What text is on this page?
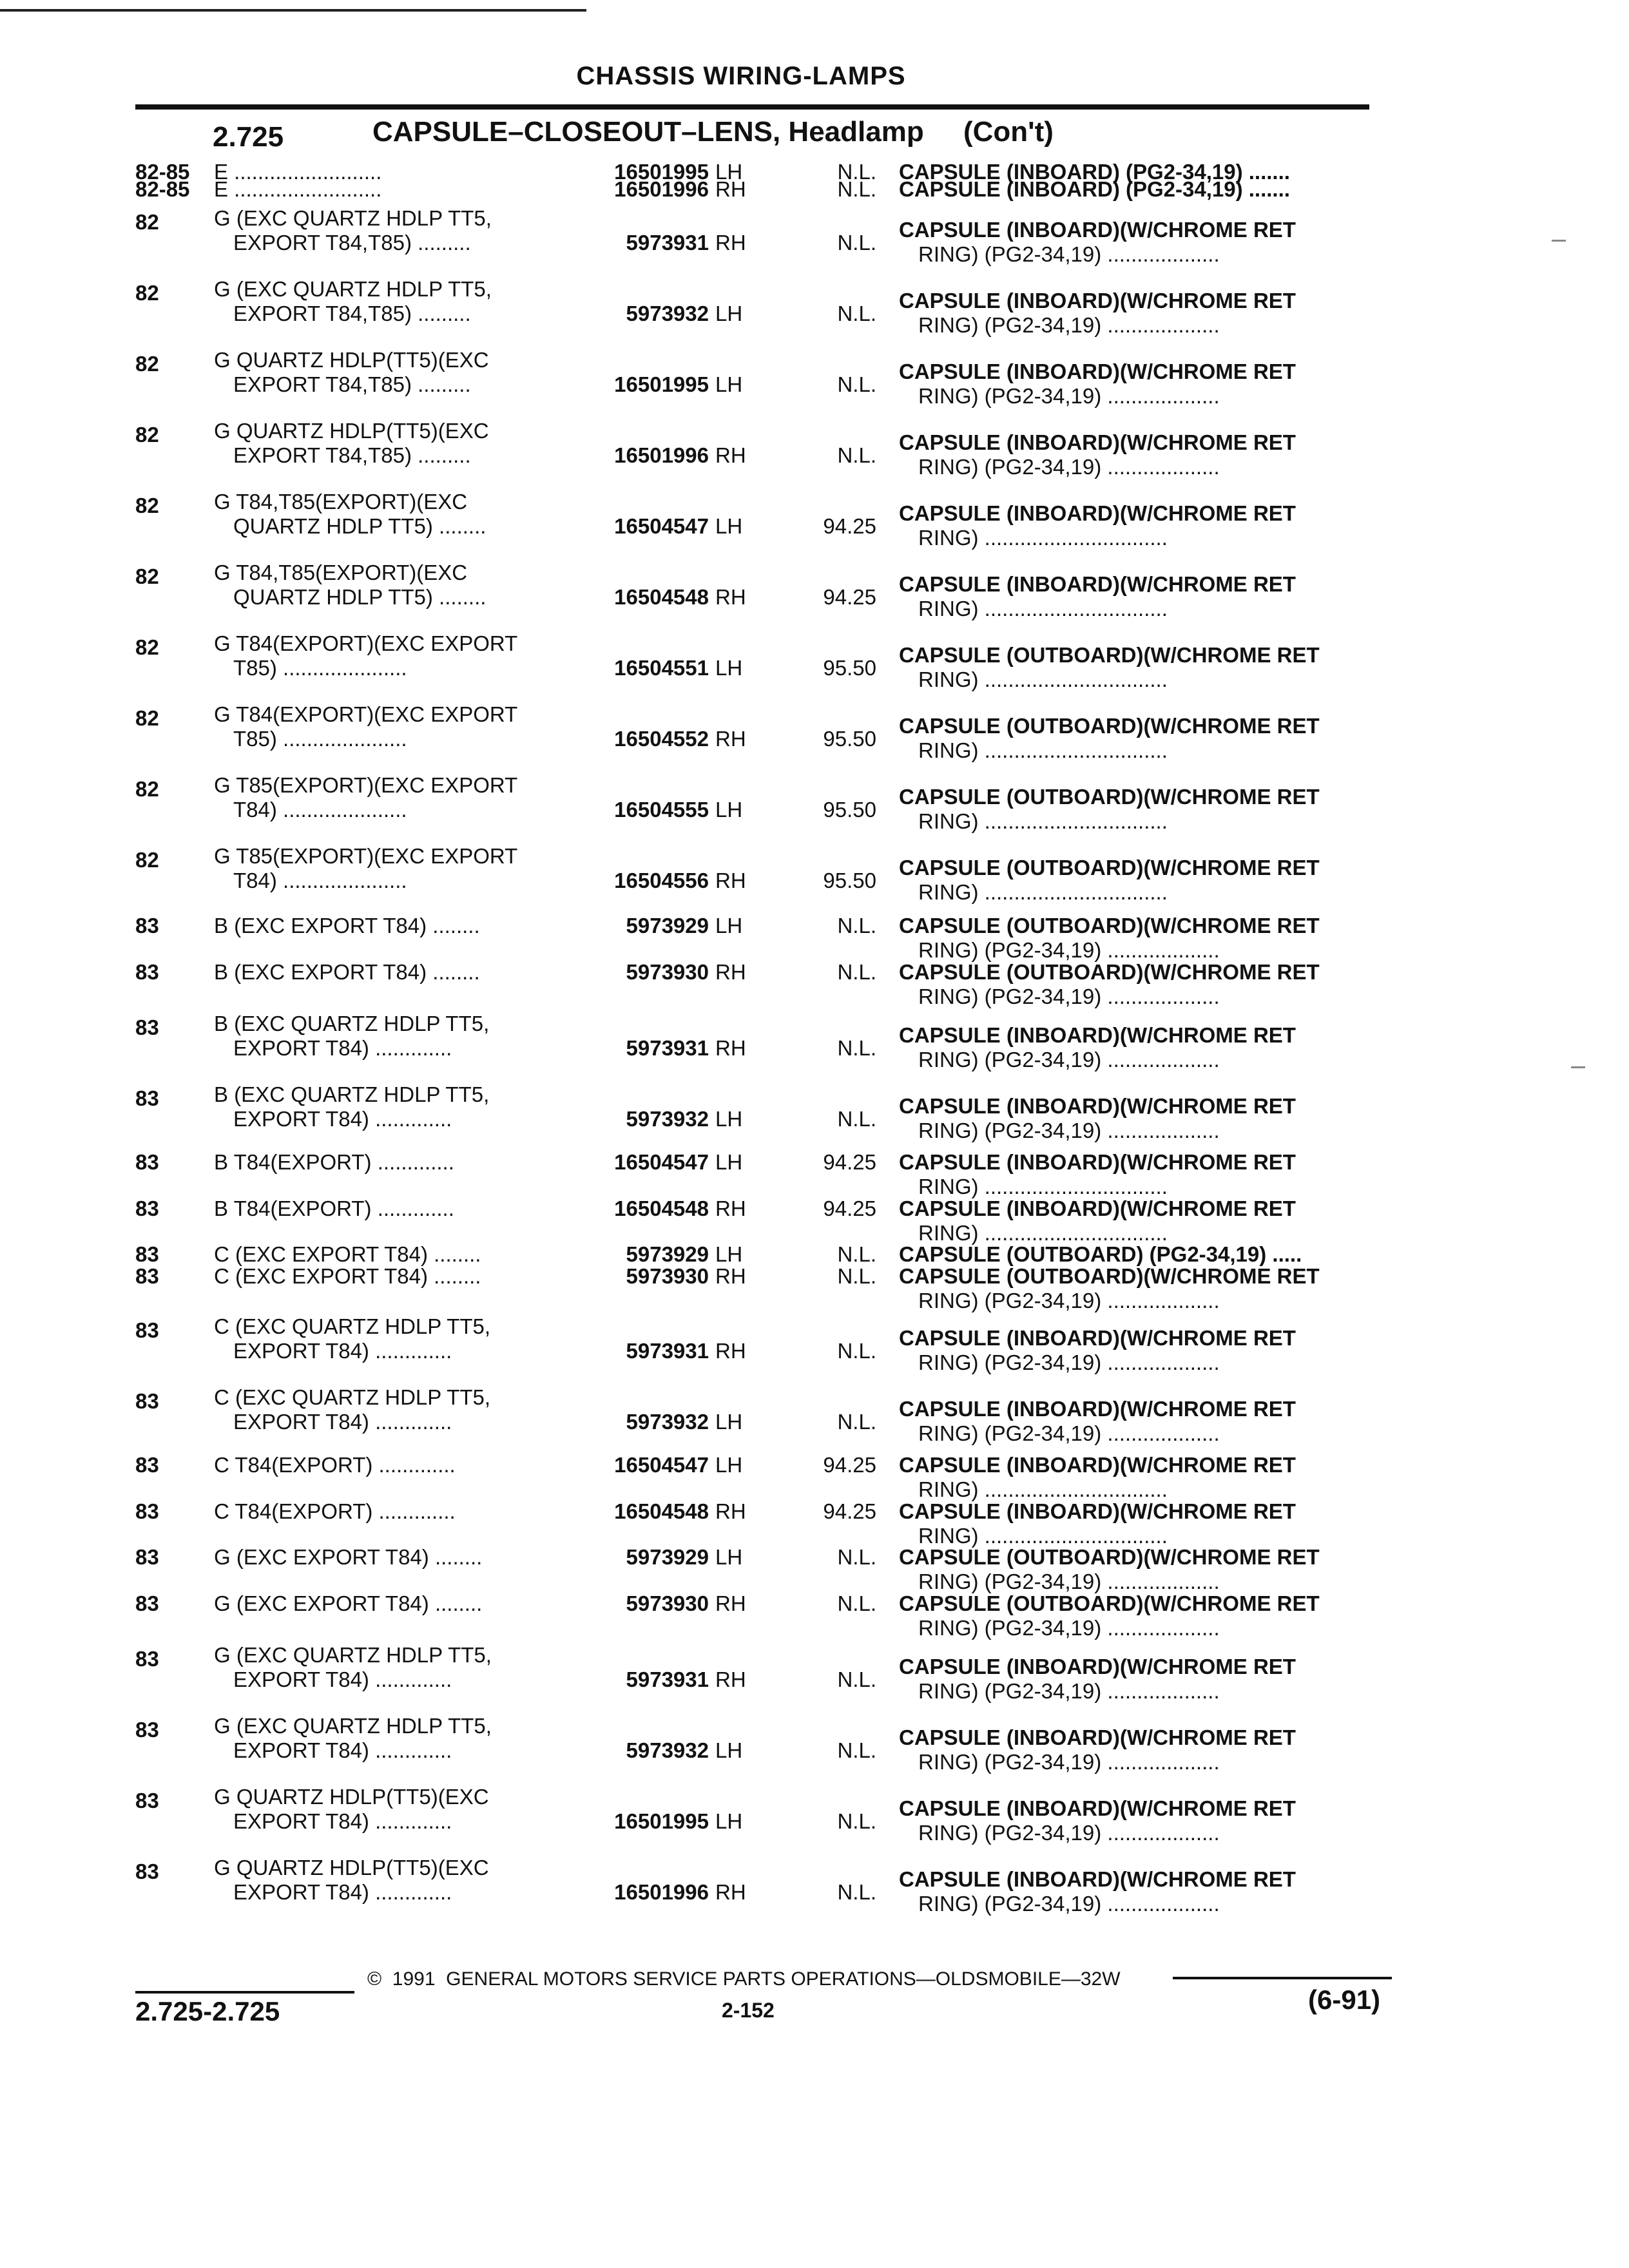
CHASSIS WIRING-LAMPS
2.725	CAPSULE–CLOSEOUT–LENS, Headlamp (Con't)
82-85 E .........................	16501995 LH	N.L. CAPSULE (INBOARD) (PG2-34,19) .......
82-85 E .........................	16501996 RH	N.L. CAPSULE (INBOARD) (PG2-34,19) .......
82	G (EXC QUARTZ HDLP TT5,
EXPORT T84,T85) .........	5973931 RH	N.L.
CAPSULE (INBOARD)(W/CHROME RET
RING) (PG2-34,19) ...................
82	G (EXC QUARTZ HDLP TT5,
EXPORT T84,T85) .........	5973932 LH	N.L.
CAPSULE (INBOARD)(W/CHROME RET
RING) (PG2-34,19) ...................
82	G QUARTZ HDLP(TT5)(EXC
EXPORT T84,T85) .........	16501995 LH	N.L.
CAPSULE (INBOARD)(W/CHROME RET
RING) (PG2-34,19) ...................
82	G QUARTZ HDLP(TT5)(EXC
EXPORT T84,T85) .........	16501996 RH	N.L.
CAPSULE (INBOARD)(W/CHROME RET
RING) (PG2-34,19) ...................
82	G T84,T85(EXPORT)(EXC
QUARTZ HDLP TT5) ........	16504547 LH	94.25
CAPSULE (INBOARD)(W/CHROME RET
RING) ...............................
82	G T84,T85(EXPORT)(EXC
QUARTZ HDLP TT5) ........	16504548 RH	94.25
CAPSULE (INBOARD)(W/CHROME RET
RING) ...............................
82	G T84(EXPORT)(EXC EXPORT
T85) .....................	16504551 LH	95.50
CAPSULE (OUTBOARD)(W/CHROME RET
RING) ...............................
82	G T84(EXPORT)(EXC EXPORT
T85) .....................	16504552 RH	95.50
CAPSULE (OUTBOARD)(W/CHROME RET
RING) ...............................
82	G T85(EXPORT)(EXC EXPORT
T84) .....................	16504555 LH	95.50
CAPSULE (OUTBOARD)(W/CHROME RET
RING) ...............................
82	G T85(EXPORT)(EXC EXPORT
T84) .....................	16504556 RH	95.50
CAPSULE (OUTBOARD)(W/CHROME RET
RING) ...............................
83	B (EXC EXPORT T84) ........	5973929 LH	N.L. CAPSULE (OUTBOARD)(W/CHROME RET
RING) (PG2-34,19) ...................
83	B (EXC EXPORT T84) ........	5973930 RH	N.L. CAPSULE (OUTBOARD)(W/CHROME RET
RING) (PG2-34,19) ...................
83	B (EXC QUARTZ HDLP TT5,
EXPORT T84) .............	5973931 RH	N.L.
CAPSULE (INBOARD)(W/CHROME RET
RING) (PG2-34,19) ...................
83	B (EXC QUARTZ HDLP TT5,
EXPORT T84) .............	5973932 LH	N.L.
CAPSULE (INBOARD)(W/CHROME RET
RING) (PG2-34,19) ...................
83	B T84(EXPORT) .............	16504547 LH	94.25 CAPSULE (INBOARD)(W/CHROME RET
RING) ...............................
83	B T84(EXPORT) .............	16504548 RH	94.25 CAPSULE (INBOARD)(W/CHROME RET
RING) ...............................
83	C (EXC EXPORT T84) ........	5973929 LH	N.L. CAPSULE (OUTBOARD) (PG2-34,19) .....
83	C (EXC EXPORT T84) ........	5973930 RH	N.L. CAPSULE (OUTBOARD)(W/CHROME RET
RING) (PG2-34,19) ...................
83	C (EXC QUARTZ HDLP TT5,
EXPORT T84) .............	5973931 RH	N.L.
CAPSULE (INBOARD)(W/CHROME RET
RING) (PG2-34,19) ...................
83	C (EXC QUARTZ HDLP TT5,
EXPORT T84) .............	5973932 LH	N.L.
CAPSULE (INBOARD)(W/CHROME RET
RING) (PG2-34,19) ...................
83	C T84(EXPORT) .............	16504547 LH	94.25 CAPSULE (INBOARD)(W/CHROME RET
RING) ...............................
83	C T84(EXPORT) .............	16504548 RH	94.25 CAPSULE (INBOARD)(W/CHROME RET
RING) ...............................
83	G (EXC EXPORT T84) ........	5973929 LH	N.L. CAPSULE (OUTBOARD)(W/CHROME RET
RING) (PG2-34,19) ...................
83	G (EXC EXPORT T84) ........	5973930 RH	N.L. CAPSULE (OUTBOARD)(W/CHROME RET
RING) (PG2-34,19) ...................
83	G (EXC QUARTZ HDLP TT5,
EXPORT T84) .............	5973931 RH	N.L.
CAPSULE (INBOARD)(W/CHROME RET
RING) (PG2-34,19) ...................
83	G (EXC QUARTZ HDLP TT5,
EXPORT T84) .............	5973932 LH	N.L.
CAPSULE (INBOARD)(W/CHROME RET
RING) (PG2-34,19) ...................
83	G QUARTZ HDLP(TT5)(EXC
EXPORT T84) .............	16501995 LH	N.L.
CAPSULE (INBOARD)(W/CHROME RET
RING) (PG2-34,19) ...................
83	G QUARTZ HDLP(TT5)(EXC
EXPORT T84) .............	16501996 RH	N.L.
CAPSULE (INBOARD)(W/CHROME RET
RING) (PG2-34,19) ...................
©  1991  GENERAL MOTORS SERVICE PARTS OPERATIONS—OLDSMOBILE—32W
2.725-2.725	2-152	(6-91)
